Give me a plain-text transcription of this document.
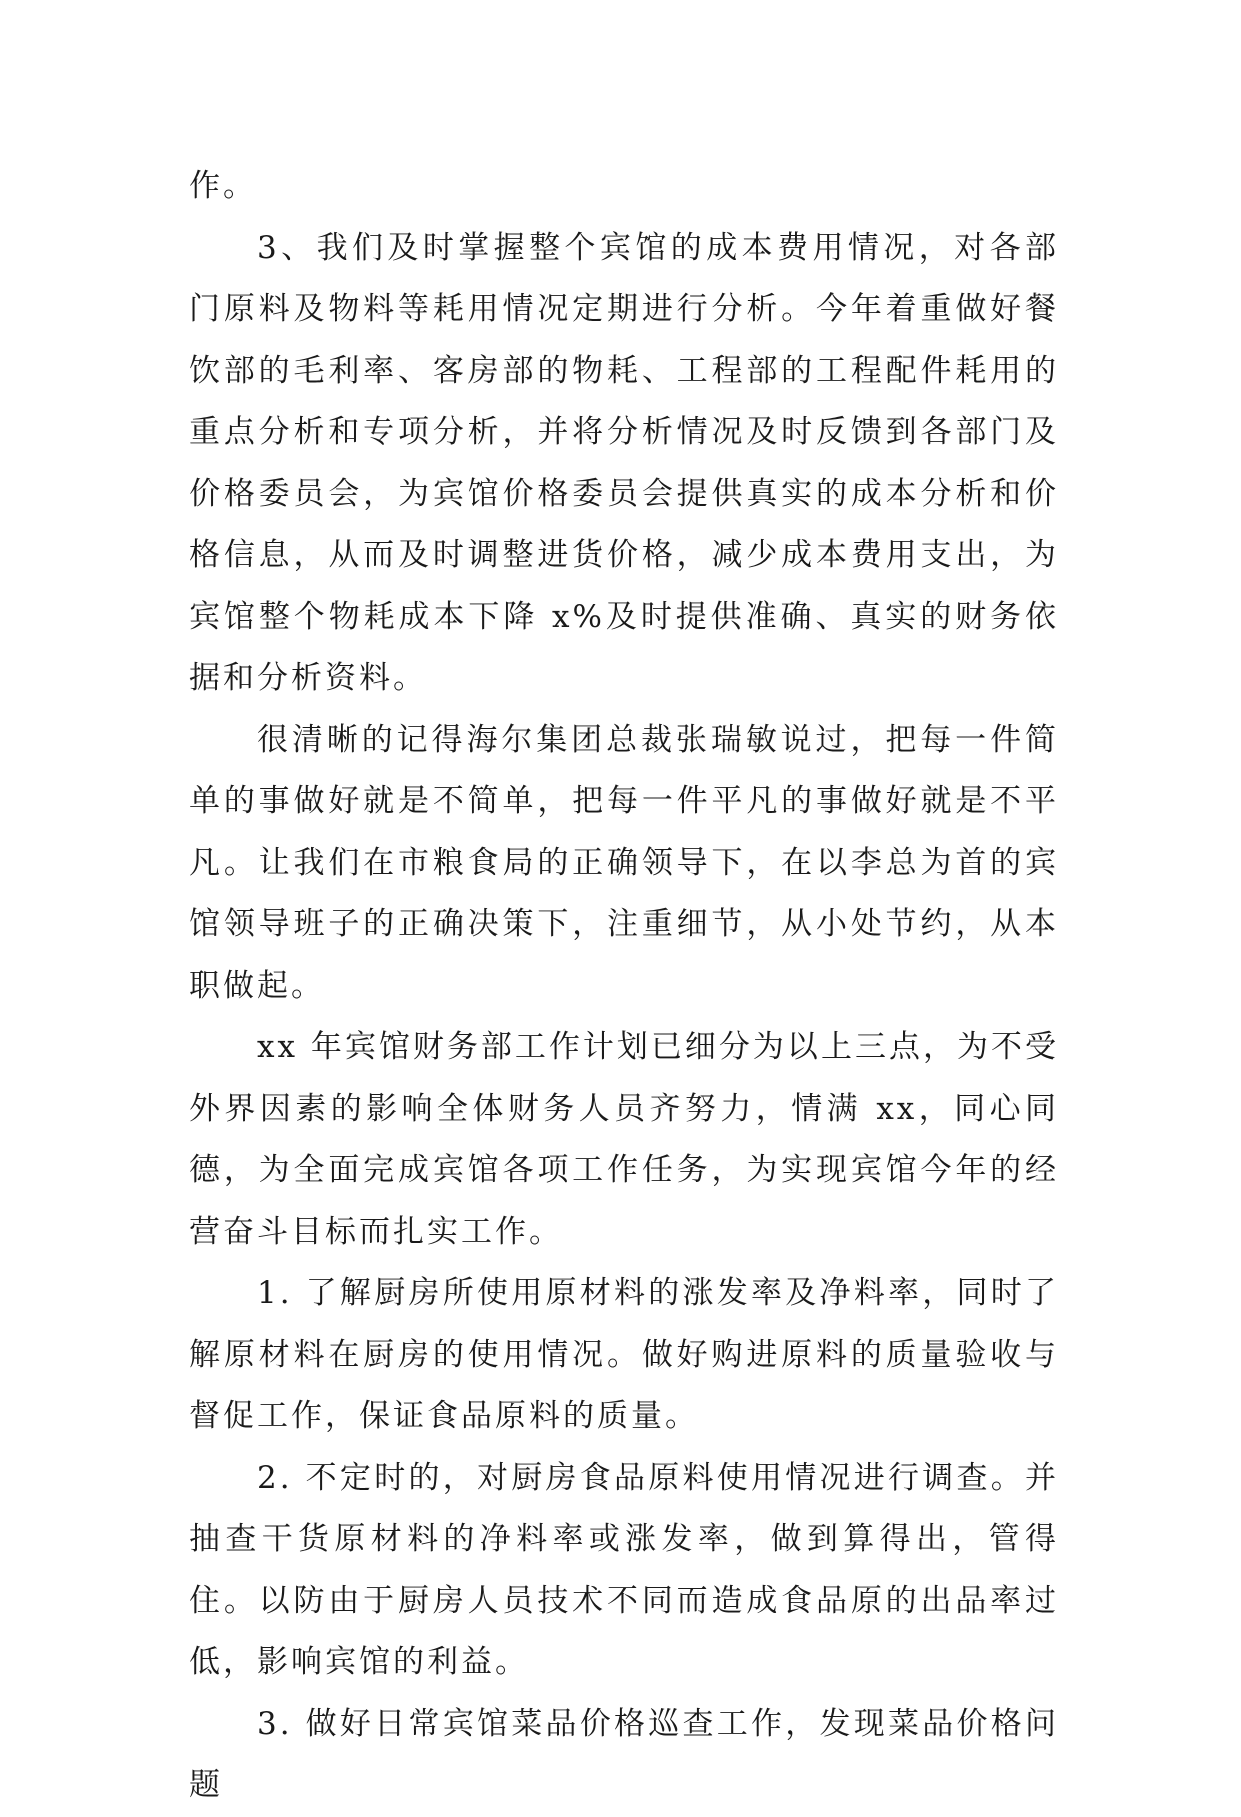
作。

3、我们及时掌握整个宾馆的成本费用情况，对各部门原料及物料等耗用情况定期进行分析。今年着重做好餐饮部的毛利率、客房部的物耗、工程部的工程配件耗用的重点分析和专项分析，并将分析情况及时反馈到各部门及价格委员会，为宾馆价格委员会提供真实的成本分析和价格信息，从而及时调整进货价格，减少成本费用支出，为宾馆整个物耗成本下降 x%及时提供准确、真实的财务依据和分析资料。

很清晰的记得海尔集团总裁张瑞敏说过，把每一件简单的事做好就是不简单，把每一件平凡的事做好就是不平凡。让我们在市粮食局的正确领导下，在以李总为首的宾馆领导班子的正确决策下，注重细节，从小处节约，从本职做起。

xx 年宾馆财务部工作计划已细分为以上三点，为不受外界因素的影响全体财务人员齐努力，情满 xx，同心同德，为全面完成宾馆各项工作任务，为实现宾馆今年的经营奋斗目标而扎实工作。

1. 了解厨房所使用原材料的涨发率及净料率，同时了解原材料在厨房的使用情况。做好购进原料的质量验收与督促工作，保证食品原料的质量。

2. 不定时的，对厨房食品原料使用情况进行调查。并抽查干货原材料的净料率或涨发率，做到算得出，管得住。以防由于厨房人员技术不同而造成食品原的出品率过低，影响宾馆的利益。

3. 做好日常宾馆菜品价格巡查工作，发现菜品价格问题
